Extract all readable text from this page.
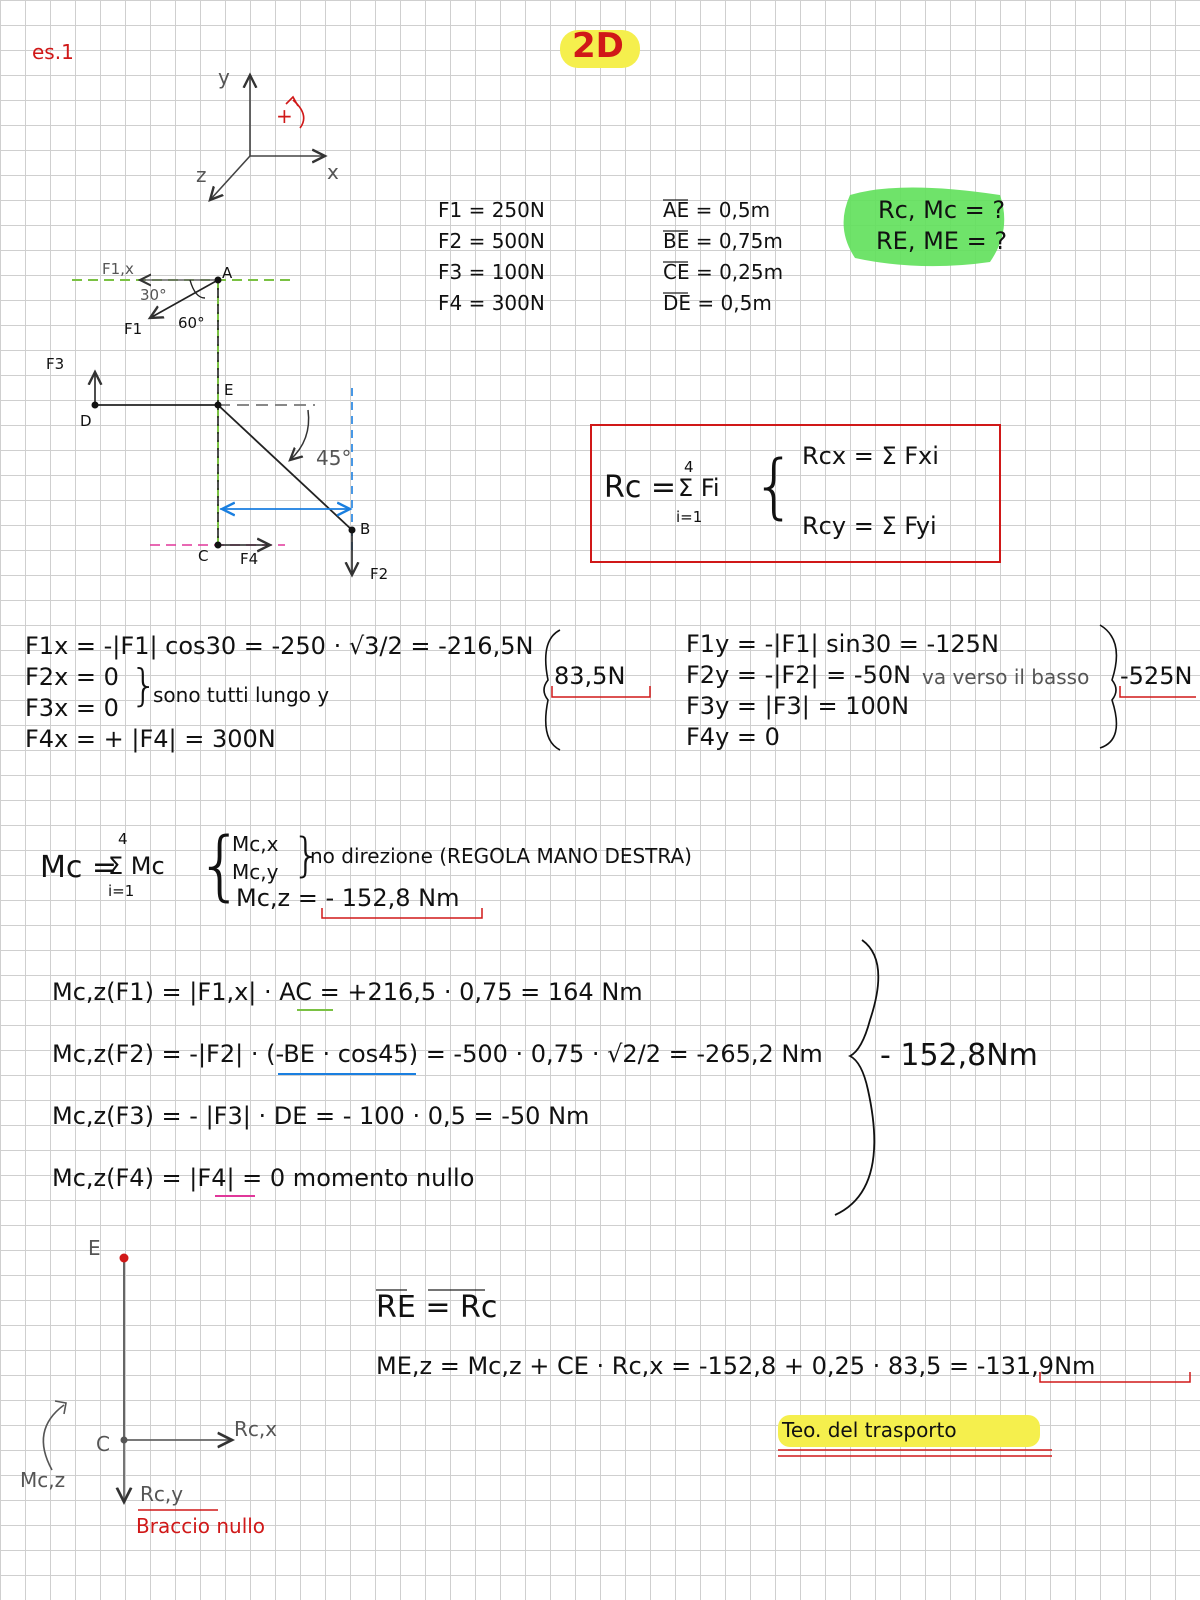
es.1	2D
y
x
z
+
A
E
D
C
B
F1,x
F1
F3
F4
F2
30°
60°
45°
F1 = 250N
F2 = 500N
F3 = 100N
F4 = 300N
AE = 0,5m
BE = 0,75m
CE = 0,25m
DE = 0,5m
Rc, Mc = ?
RE, ME = ?
Rc =
4
Σ Fi
i=1 { Rcx = Σ Fxi
Rcy = Σ Fyi
F1x = -|F1| cos30 = -250 · √3/2 = -216,5N
F2x = 0
F3x = 0
F4x = + |F4| = 300N
}
sono tutti lungo y
83,5N
F1y = -|F1| sin30 = -125N
F2y = -|F2| = -50N va verso il basso
F3y = |F3| = 100N
F4y = 0
-525N
Mc =
4
Σ Mc
i=1 {
Mc,x
Mc,y }
no direzione (REGOLA MANO DESTRA)
Mc,z = - 152,8 Nm
Mc,z(F1) = |F1,x| · AC = +216,5 · 0,75 = 164 Nm
Mc,z(F2) = -|F2| · (-BE · cos45) = -500 · 0,75 · √2/2 = -265,2 Nm
Mc,z(F3) = - |F3| · DE = - 100 · 0,5 = -50 Nm
Mc,z(F4) = |F4| = 0 momento nullo
- 152,8Nm
RE = Rc
ME,z = Mc,z + CE · Rc,x = -152,8 + 0,25 · 83,5 = -131,9Nm
Teo. del trasporto
E
C
Rc,x
Rc,y
Mc,z
Braccio nullo
